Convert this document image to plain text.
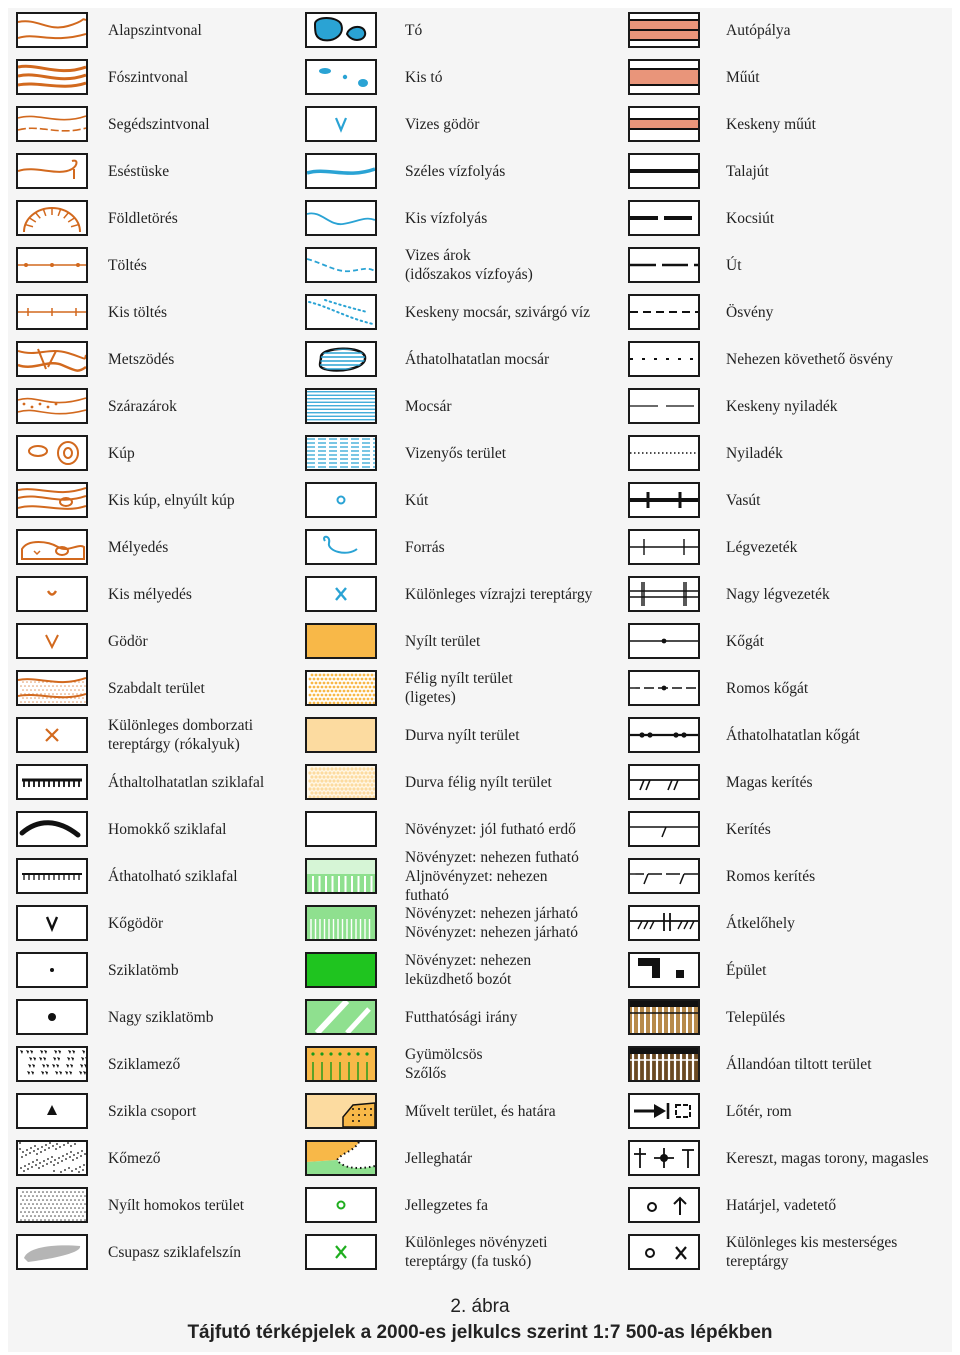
Alapszintvonal
Fószintvonal
Segédszintvonal
Eséstüske
Földletörés
Töltés
Kis töltés
Metszödés
Szárazárok
Kúp
Kis kúp, elnyúlt kúp
Mélyedés
Kis mélyedés
Gödör
Szabdalt terület
Különleges domborzati
tereptárgy (rókalyuk)
Áthaltolhatatlan sziklafal
Homokkő sziklafal
Áthatolható sziklafal
Kőgödör
Sziklatömb
Nagy sziklatömb
Sziklamező
Szikla csoport
Kőmező
Nyílt homokos terület
Csupasz sziklafelszín
Tó
Kis tó
Vizes gödör
Széles vízfolyás
Kis vízfolyás
Vizes árok
(időszakos vízfoyás)
Keskeny mocsár, szivárgó víz
Áthatolhatatlan mocsár
Mocsár
Vizenyős terület
Kút
Forrás
Különleges vízrajzi tereptárgy
Nyílt terület
Félig nyílt terület
(ligetes)
Durva nyílt terület
Durva félig nyílt terület
Növényzet: jól futható erdő
Növényzet: nehezen futható
Aljnövényzet: nehezen futható
Növényzet: nehezen járható
Növényzet: nehezen járható
Növényzet: nehezen
leküzdhető bozót
Futthatósági irány
Gyümölcsös
Szőlős
Művelt terület, és határa
Jelleghatár
Jellegzetes fa
Különleges növényzeti
tereptárgy (fa tuskó)
Autópálya
Műút
Keskeny műút
Talajút
Kocsiút
Út
Ösvény
Nehezen követhető ösvény
Keskeny nyiladék
Nyiladék
Vasút
Légvezeték
Nagy légvezeték
Kőgát
Romos kőgát
Áthatolhatatlan kőgát
Magas kerítés
Kerítés
Romos kerítés
Átkelőhely
Épület
Település
Állandóan tiltott terület
Lőtér, rom
Kereszt, magas torony, magasles
Határjel, vadetető
Különleges kis mesterséges
tereptárgy
2. ábra
Tájfutó térképjelek a 2000-es jelkulcs szerint 1:7 500-as lépékben
